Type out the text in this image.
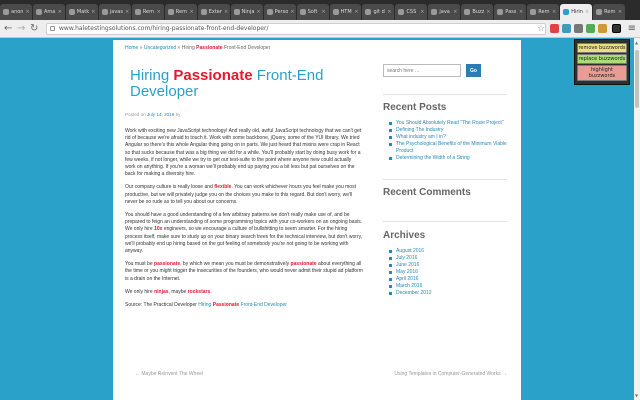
anon ×	Ama ×	Matk ×	javas ×	Rem ×	Rem ×	Exter ×	Ninja ×	Perso ×	Soft ×	HTM ×	git d ×	CSS ×	java ×	Buzz ×	Pass ×	Rem ×	Hirin ×	Rem ×
← → ↻	www.haletestingsolutions.com/hiring-passionate-front-end-developer/	☆	≡
remove buzzwords
replace buzzwords
highlight buzzwords
Home » Uncategorized » Hiring Passionate Front-End Developer
Hiring Passionate Front-End Developer
Posted on July 14, 2016 by

Work with exciting new JavaScript technology! And really old, awful JavaScript technology that we can't get rid of because we're afraid to touch it. Work with some backbone, jQuery, some of the YUI library. We tried Angular so there's this whole Angular thing going on in parts. We just heard that mixins were crap in React so that sucks because that was a big thing we did for a while. You'll probably start by doing busy work for a few weeks, if not longer, while we try to get our test-suite to the point where anyone new could actually work on anything. If you're a woman we'll probably end up paying you a bit less but pat ourselves on the back for making a diversity hire.

Our company culture is really loose and flexible. You can work whichever hours you feel make you most productive, but we will privately judge you on the choices you make to this regard. But don't worry, we'll never be so rude as to tell you about our concerns.

You should have a good understanding of a few arbitrary patterns we don't really make use of, and be prepared to feign an understanding of some programming topics with your co-workers on an ongoing basis. We only hire 10x engineers, so we encourage a culture of bullshitting to seem smarter. For the hiring process itself, make sure to study up on your binary search trees for the technical interview, but don't worry, we'll probably end up hiring based on the gut feeling of somebody you're not going to be working with anyway.

You must be passionate, by which we mean you must be demonstratively passionate about everything all the time or you might trigger the insecurities of the founders, who would never admit their stupid ad platform is a drain on the Internet.

We only hire ninjas, maybe rockstars.

Source: The Practical Developer Hiring Passionate Front-End Developer
← Maybe Reinvent The Wheel	Using Templates in Computer-Generated Works →
search here …
Go
Recent Posts
You Should Absolutely Read "The Rosie Project"
Defining The Industry
What industry am I in?
The Psychological Benefits of the Minimum Viable Product
Determining the Width of a String
Recent Comments
Archives
August 2016
July 2016
June 2016
May 2016
April 2016
March 2016
December 2012
▲
▼
